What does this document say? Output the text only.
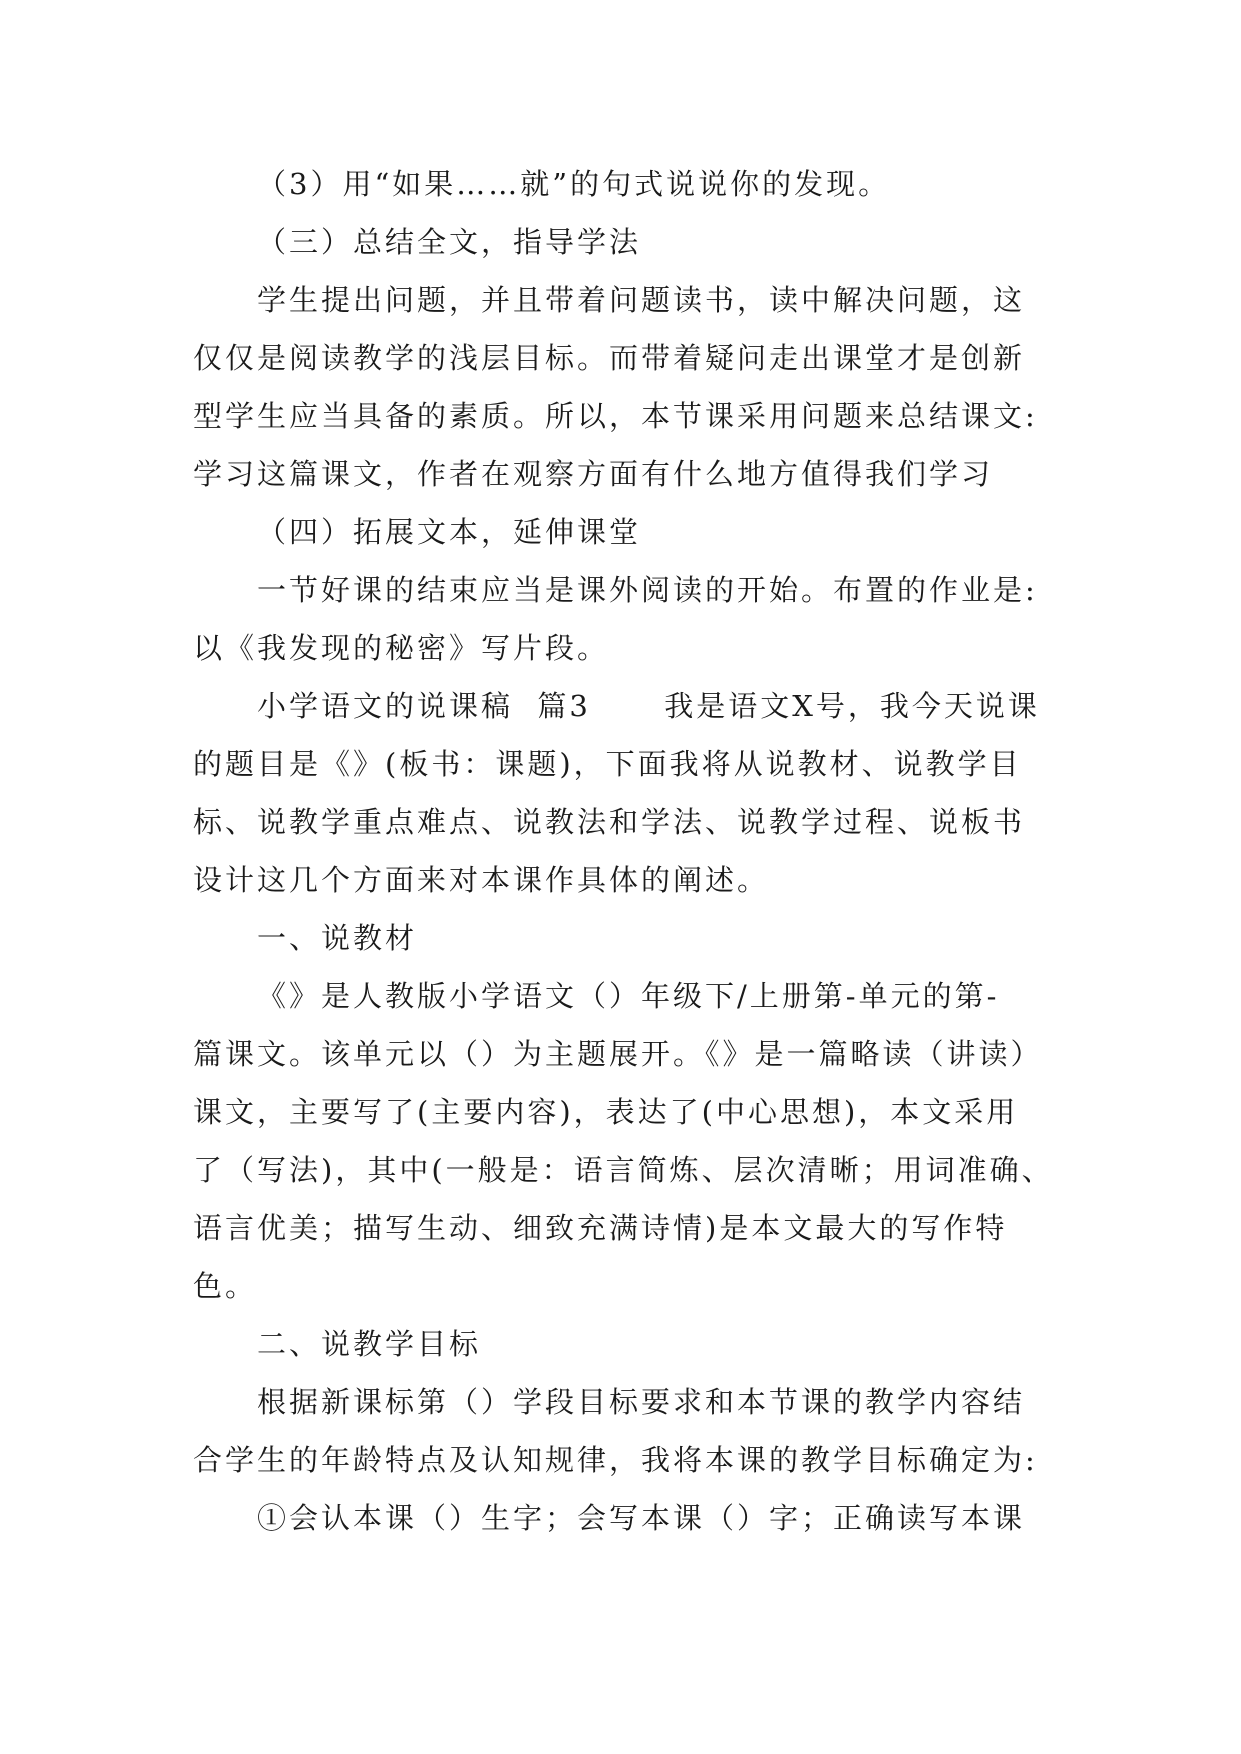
（3）用“如果……就”的句式说说你的发现。
（三）总结全文，指导学法
学生提出问题，并且带着问题读书，读中解决问题，这
仅仅是阅读教学的浅层目标。而带着疑问走出课堂才是创新
型学生应当具备的素质。所以，本节课采用问题来总结课文:
学习这篇课文，作者在观察方面有什么地方值得我们学习
（四）拓展文本，延伸课堂
一节好课的结束应当是课外阅读的开始。布置的作业是:
以《我发现的秘密》写片段。
小学语文的说课稿  篇3      我是语文X号，我今天说课
的题目是《》(板书：课题)，下面我将从说教材、说教学目
标、说教学重点难点、说教法和学法、说教学过程、说板书
设计这几个方面来对本课作具体的阐述。
一、说教材
《》是人教版小学语文（）年级下/上册第-单元的第-
篇课文。该单元以（）为主题展开。《》是一篇略读（讲读）
课文，主要写了(主要内容)，表达了(中心思想)，本文采用
了（写法)，其中(一般是：语言简炼、层次清晰；用词准确、
语言优美；描写生动、细致充满诗情)是本文最大的写作特
色。
二、说教学目标
根据新课标第（）学段目标要求和本节课的教学内容结
合学生的年龄特点及认知规律，我将本课的教学目标确定为:
①会认本课（）生字；会写本课（）字；正确读写本课
